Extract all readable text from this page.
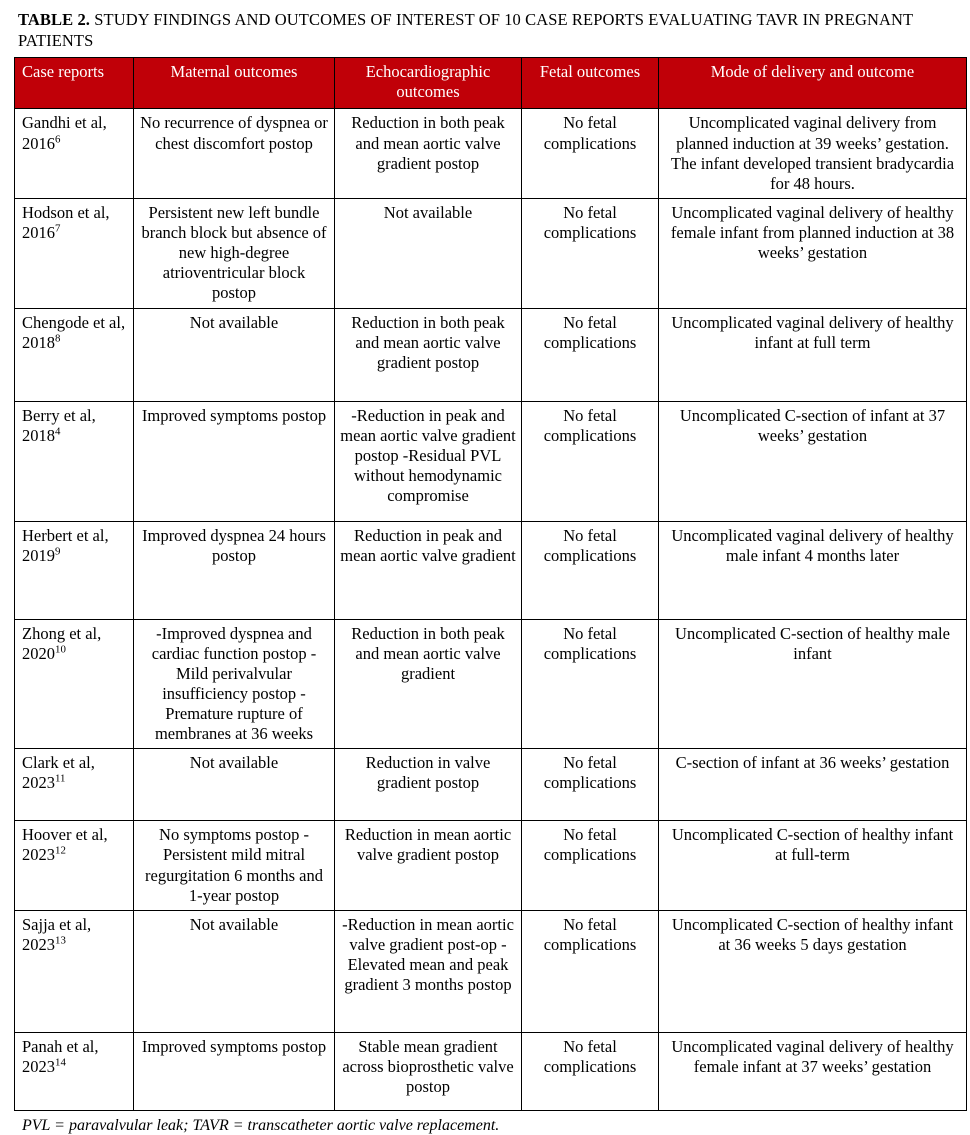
TABLE 2. STUDY FINDINGS AND OUTCOMES OF INTEREST OF 10 CASE REPORTS EVALUATING TAVR IN PREGNANT PATIENTS
Case reports	Maternal outcomes	Echocardiographic outcomes	Fetal outcomes	Mode of delivery and outcome
Gandhi et al, 2016$^6$	No recurrence of dyspnea or chest discomfort postop	Reduction in both peak and mean aortic valve gradient postop	No fetal complications	Uncomplicated vaginal delivery from planned induction at 39 weeks’ gestation. The infant developed transient bradycardia for 48 hours.
Hodson et al, 2016$^7$	Persistent new left bundle branch block but absence of new high-degree atrioventricular block postop	Not available	No fetal complications	Uncomplicated vaginal delivery of healthy female infant from planned induction at 38 weeks’ gestation
Chengode et al, 2018$^8$	Not available	Reduction in both peak and mean aortic valve gradient postop	No fetal complications	Uncomplicated vaginal delivery of healthy infant at full term
Berry et al, 2018$^4$	Improved symptoms postop	-Reduction in peak and mean aortic valve gradient postop -Residual PVL without hemodynamic compromise	No fetal complications	Uncomplicated C-section of infant at 37 weeks’ gestation
Herbert et al, 2019$^9$	Improved dyspnea 24 hours postop	Reduction in peak and mean aortic valve gradient	No fetal complications	Uncomplicated vaginal delivery of healthy male infant 4 months later
Zhong et al, 2020$^{10}$	-Improved dyspnea and cardiac function postop -Mild perivalvular insufficiency postop -Premature rupture of membranes at 36 weeks	Reduction in both peak and mean aortic valve gradient	No fetal complications	Uncomplicated C-section of healthy male infant
Clark et al, 2023$^{11}$	Not available	Reduction in valve gradient postop	No fetal complications	C-section of infant at 36 weeks’ gestation
Hoover et al, 2023$^{12}$	No symptoms postop -Persistent mild mitral regurgitation 6 months and 1-year postop	Reduction in mean aortic valve gradient postop	No fetal complications	Uncomplicated C-section of healthy infant at full-term
Sajja et al, 2023$^{13}$	Not available	-Reduction in mean aortic valve gradient post-op -Elevated mean and peak gradient 3 months postop	No fetal complications	Uncomplicated C-section of healthy infant at 36 weeks 5 days gestation
Panah et al, 2023$^{14}$	Improved symptoms postop	Stable mean gradient across bioprosthetic valve postop	No fetal complications	Uncomplicated vaginal delivery of healthy female infant at 37 weeks’ gestation
PVL = paravalvular leak; TAVR = transcatheter aortic valve replacement.
